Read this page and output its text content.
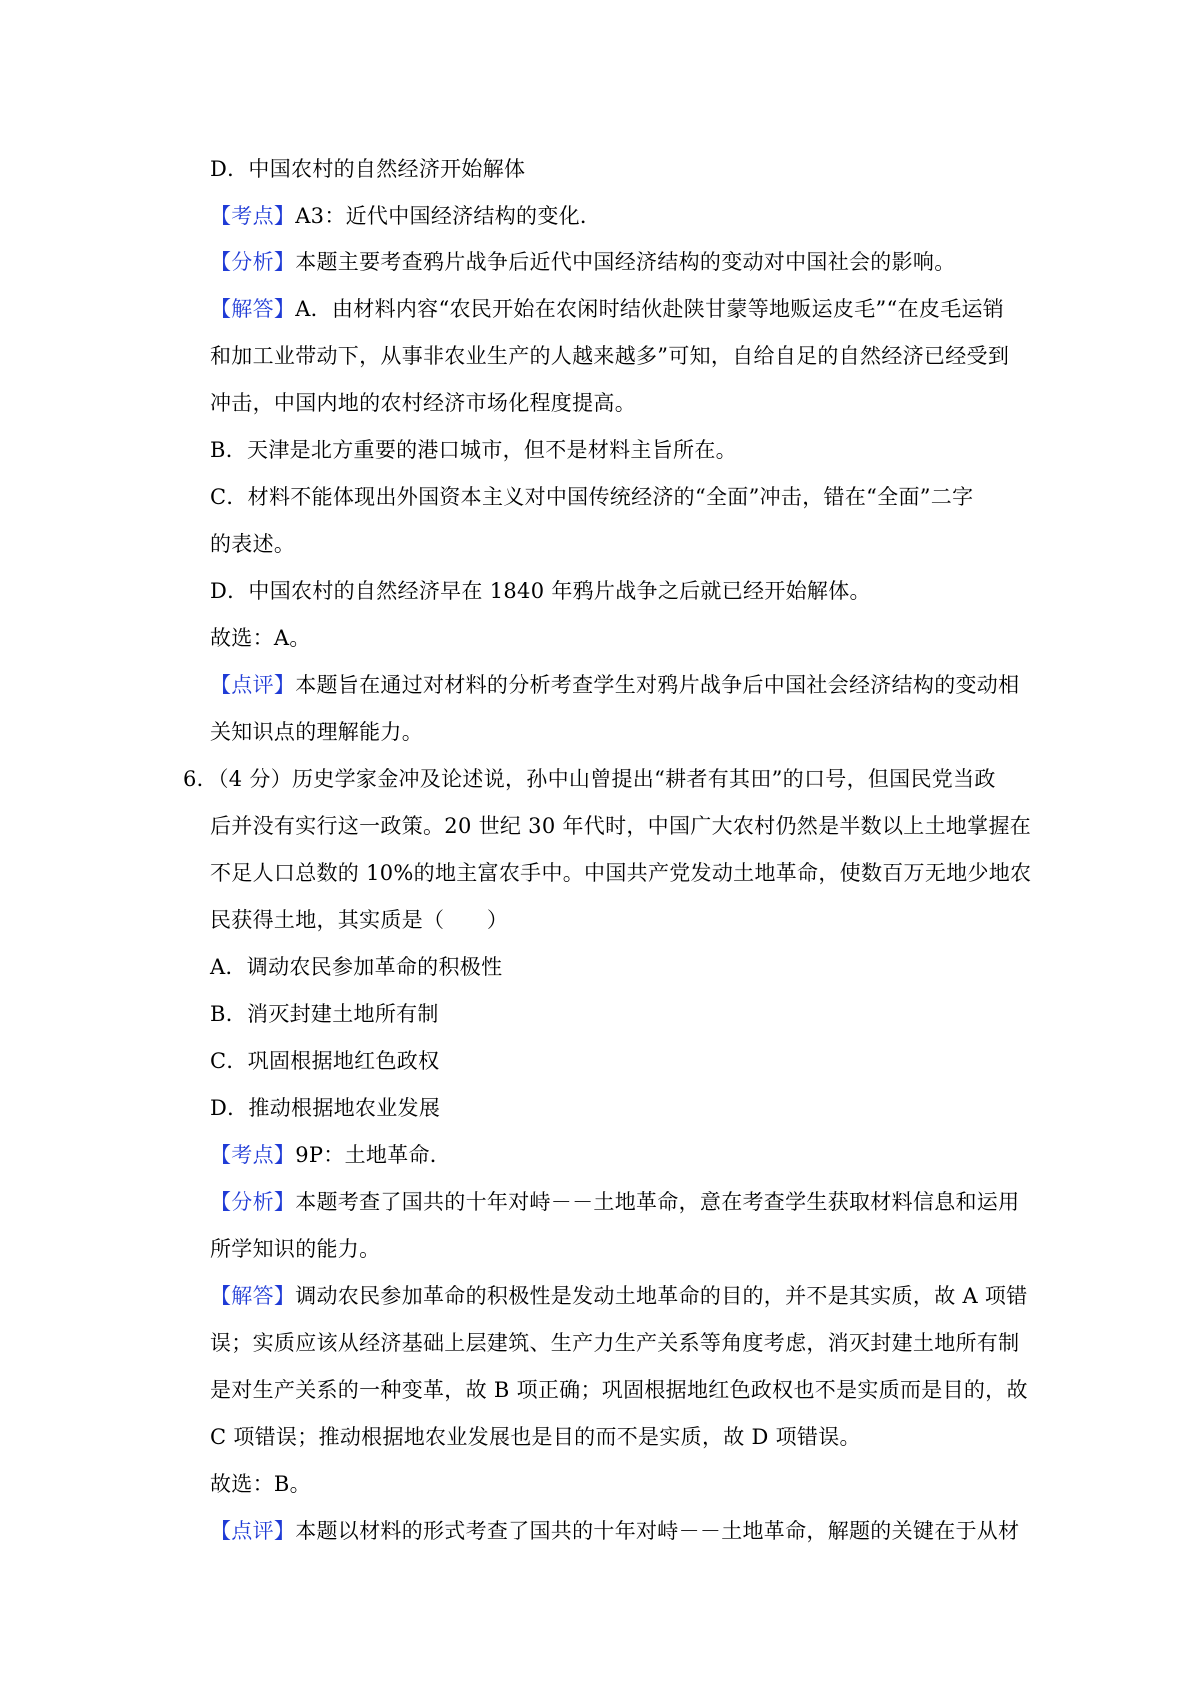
D．中国农村的自然经济开始解体
【考点】A3：近代中国经济结构的变化．
【分析】本题主要考查鸦片战争后近代中国经济结构的变动对中国社会的影响。
【解答】A．由材料内容“农民开始在农闲时结伙赴陕甘蒙等地贩运皮毛”“在皮毛运销
和加工业带动下，从事非农业生产的人越来越多”可知，自给自足的自然经济已经受到
冲击，中国内地的农村经济市场化程度提高。
B．天津是北方重要的港口城市，但不是材料主旨所在。
C．材料不能体现出外国资本主义对中国传统经济的“全面”冲击，错在“全面”二字
的表述。
D．中国农村的自然经济早在 1840 年鸦片战争之后就已经开始解体。
故选：A。
【点评】本题旨在通过对材料的分析考查学生对鸦片战争后中国社会经济结构的变动相
关知识点的理解能力。
6．（4 分）历史学家金冲及论述说，孙中山曾提出“耕者有其田”的口号，但国民党当政
后并没有实行这一政策。20 世纪 30 年代时，中国广大农村仍然是半数以上土地掌握在
不足人口总数的 10%的地主富农手中。中国共产党发动土地革命，使数百万无地少地农
民获得土地，其实质是（　　）
A．调动农民参加革命的积极性
B．消灭封建土地所有制
C．巩固根据地红色政权
D．推动根据地农业发展
【考点】9P：土地革命．
【分析】本题考查了国共的十年对峙－－土地革命，意在考查学生获取材料信息和运用
所学知识的能力。
【解答】调动农民参加革命的积极性是发动土地革命的目的，并不是其实质，故 A 项错
误；实质应该从经济基础上层建筑、生产力生产关系等角度考虑，消灭封建土地所有制
是对生产关系的一种变革，故 B 项正确；巩固根据地红色政权也不是实质而是目的，故
C 项错误；推动根据地农业发展也是目的而不是实质，故 D 项错误。
故选：B。
【点评】本题以材料的形式考查了国共的十年对峙－－土地革命，解题的关键在于从材
